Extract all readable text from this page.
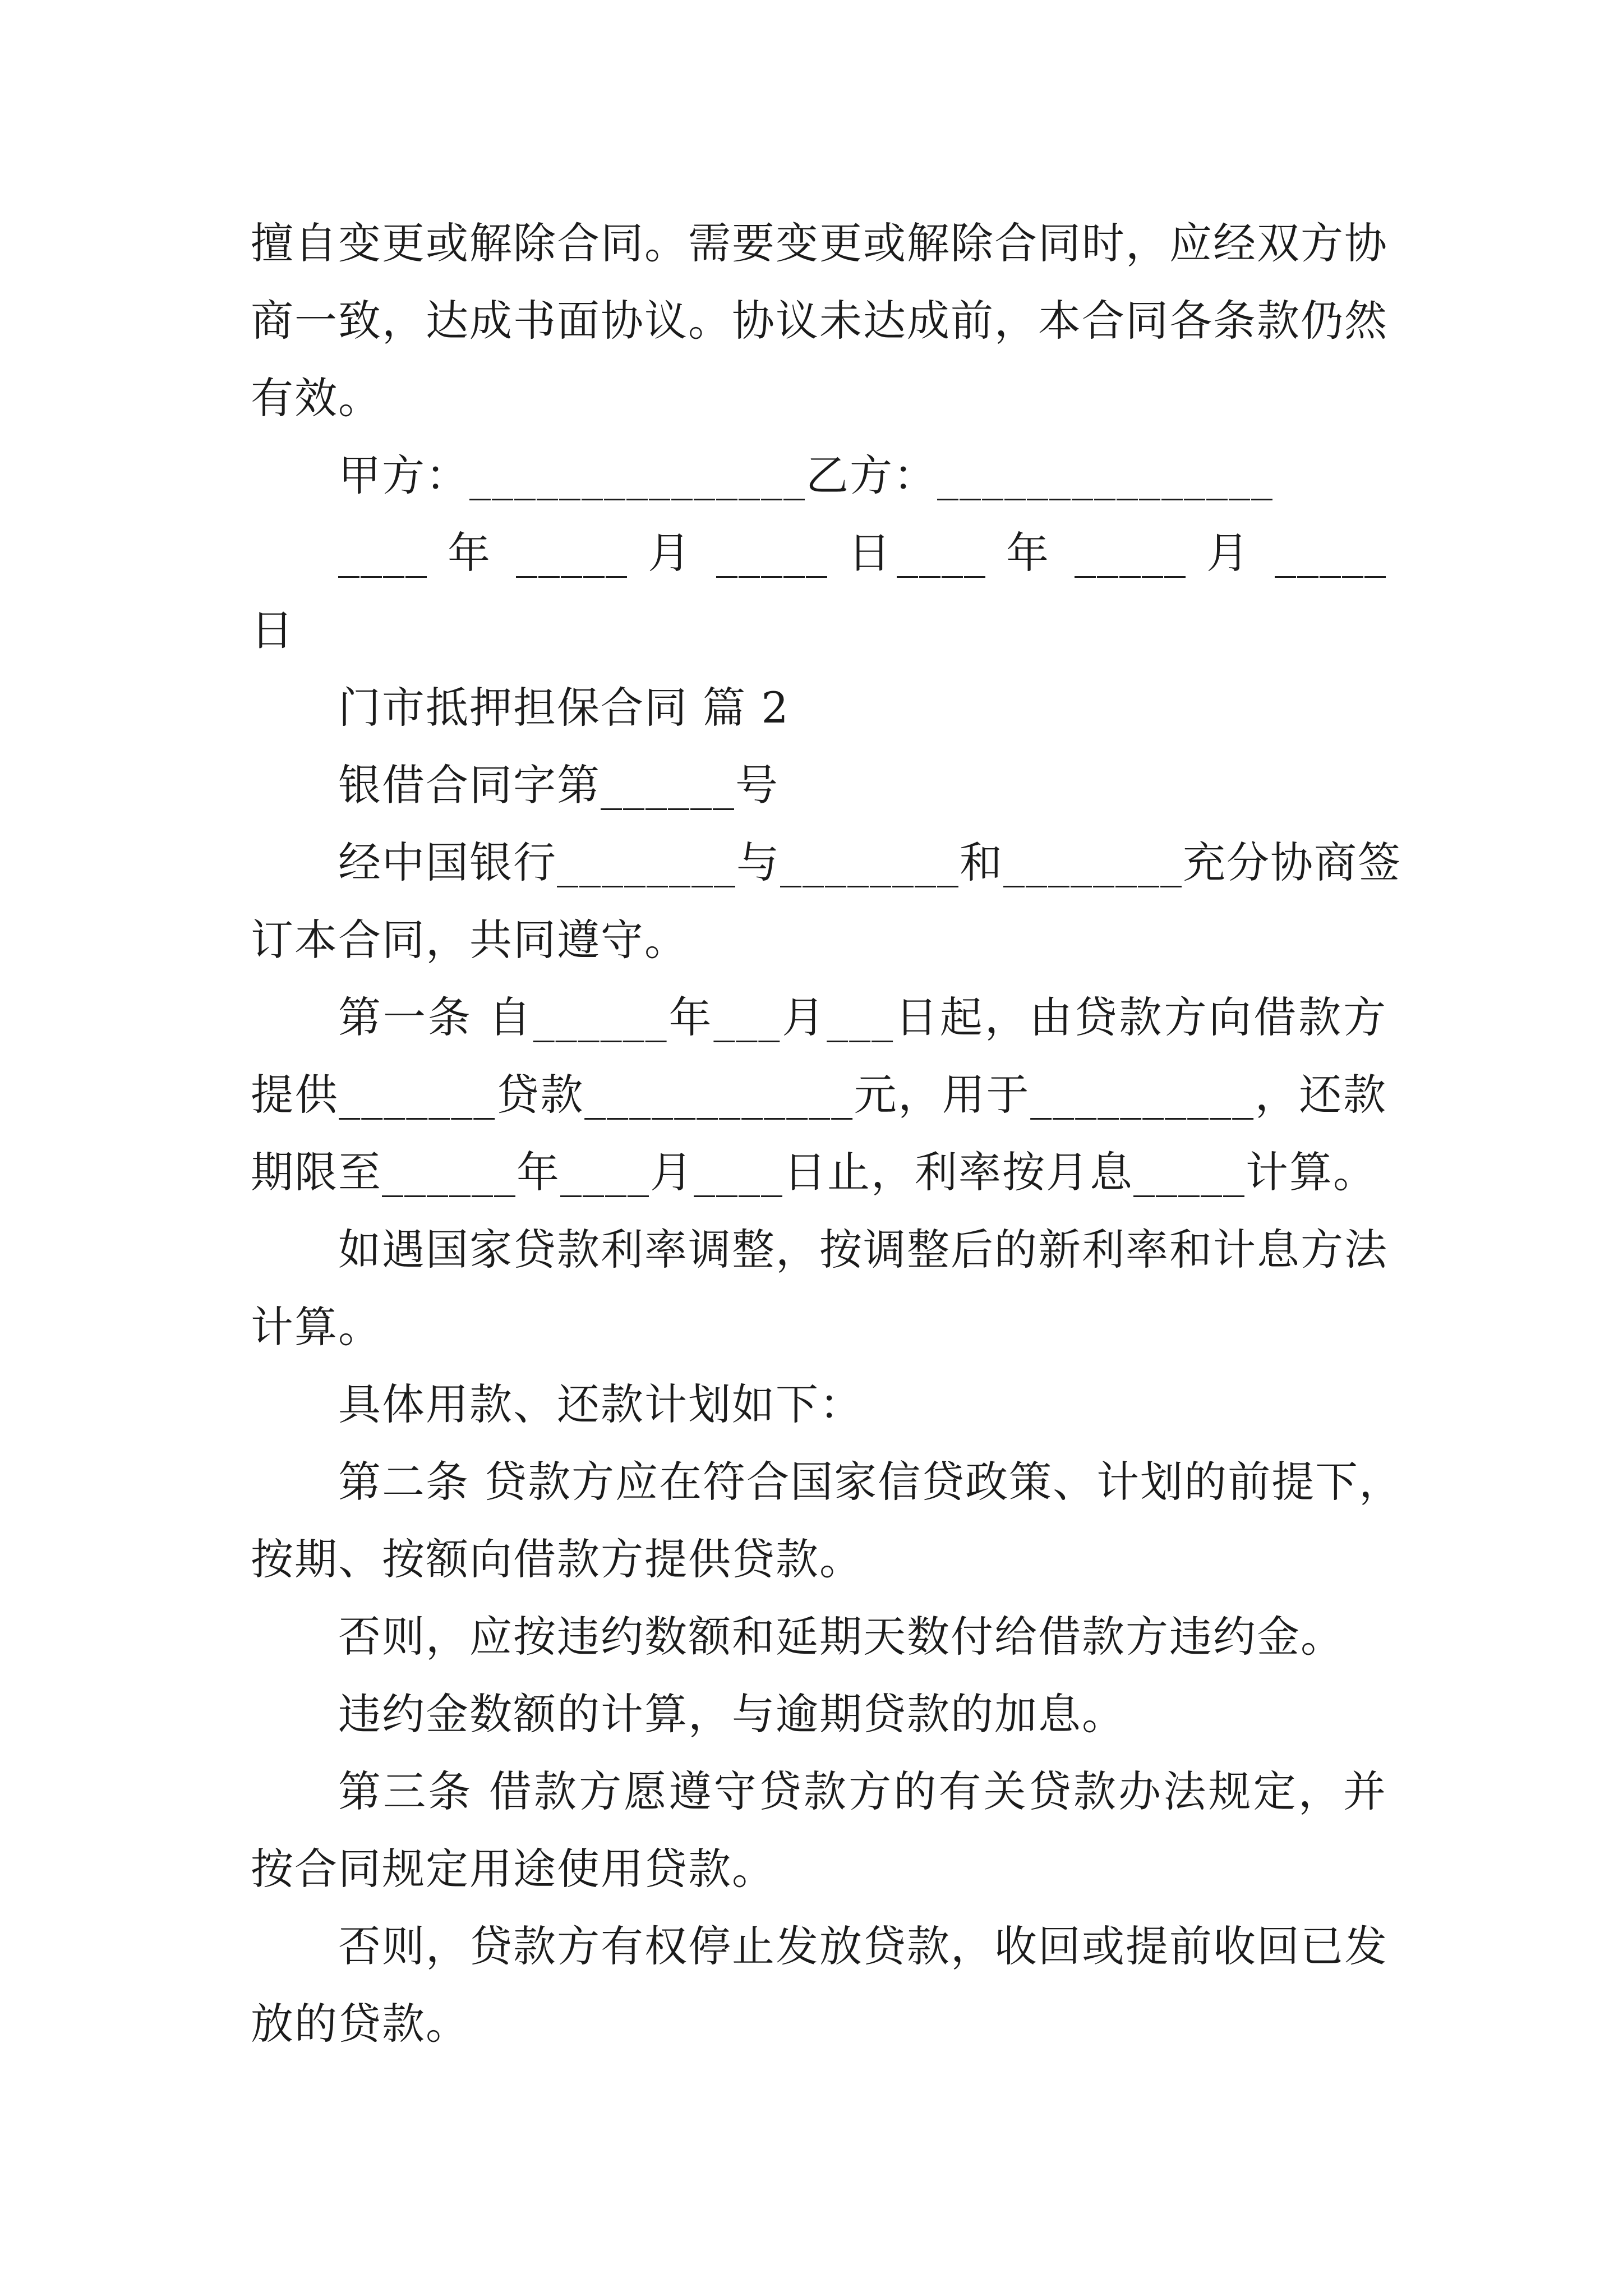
擅自变更或解除合同。需要变更或解除合同时，应经双方协
商一致，达成书面协议。协议未达成前，本合同各条款仍然
有效。
甲方：_______________乙方：_______________
____ 年 _____ 月 _____ 日____ 年 _____ 月 _____
日
门市抵押担保合同 篇 2
银借合同字第______号
经中国银行________与________和________充分协商签
订本合同，共同遵守。
第一条 自______年___月___日起，由贷款方向借款方
提供_______贷款____________元，用于__________，还款
期限至______年____月____日止，利率按月息_____计算。
如遇国家贷款利率调整，按调整后的新利率和计息方法
计算。
具体用款、还款计划如下：
第二条 贷款方应在符合国家信贷政策、计划的前提下，
按期、按额向借款方提供贷款。
否则，应按违约数额和延期天数付给借款方违约金。
违约金数额的计算，与逾期贷款的加息。
第三条 借款方愿遵守贷款方的有关贷款办法规定，并
按合同规定用途使用贷款。
否则，贷款方有权停止发放贷款，收回或提前收回已发
放的贷款。
